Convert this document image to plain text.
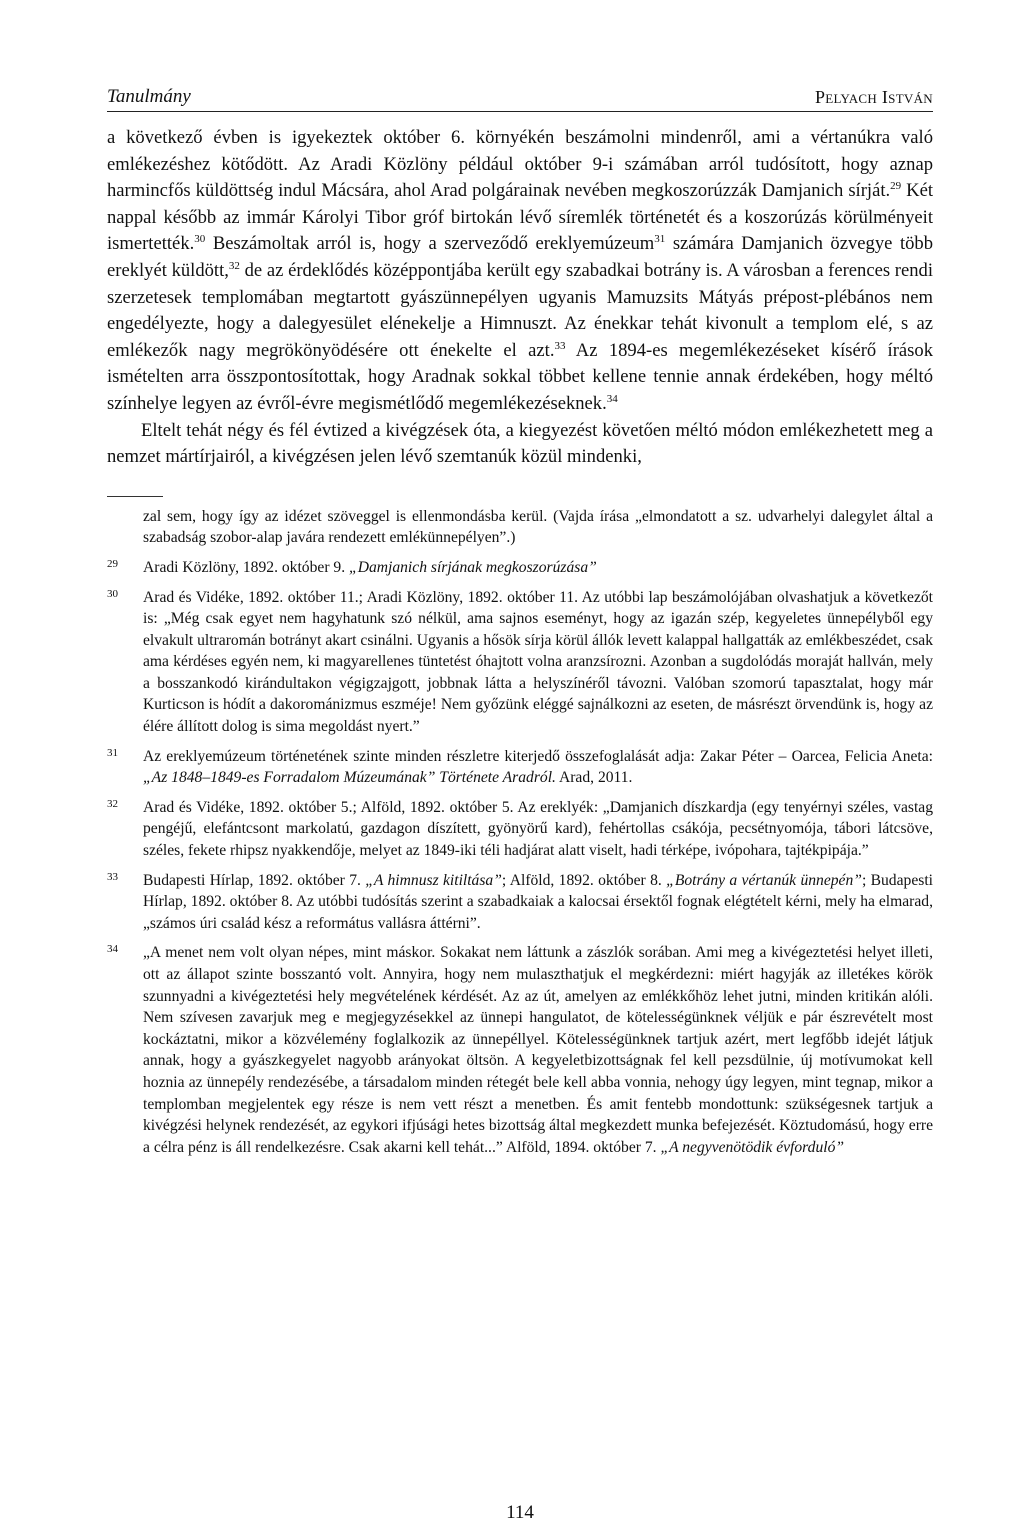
Tanulmány	Pelyach István

a következő évben is igyekeztek október 6. környékén beszámolni mindenről, ami a vértanúkra való emlékezéshez kötődött. Az Aradi Közlöny például október 9-i számában arról tudósított, hogy aznap harmincfős küldöttség indul Mácsára, ahol Arad polgárainak nevében megkoszorúzzák Damjanich sírját.$^{29}$ Két nappal később az immár Károlyi Tibor gróf birtokán lévő síremlék történetét és a koszorúzás körülményeit ismertették.$^{30}$ Beszámoltak arról is, hogy a szerveződő ereklyemúzeum$^{31}$ számára Damjanich özvegye több ereklyét küldött,$^{32}$ de az érdeklődés középpontjába került egy szabadkai botrány is. A városban a ferences rendi szerzetesek templomában megtartott gyászünnepélyen ugyanis Mamuzsits Mátyás prépost-plébános nem engedélyezte, hogy a dalegyesület elénekelje a Himnuszt. Az énekkar tehát kivonult a templom elé, s az emlékezők nagy megrökönyödésére ott énekelte el azt.$^{33}$ Az 1894-es megemlékezéseket kísérő írások ismételten arra összpontosítottak, hogy Aradnak sokkal többet kellene tennie annak érdekében, hogy méltó színhelye legyen az évről-évre megismétlődő megemlékezéseknek.$^{34}$

Eltelt tehát négy és fél évtized a kivégzések óta, a kiegyezést követően méltó módon emlékezhetett meg a nemzet mártírjairól, a kivégzésen jelen lévő szemtanúk közül mindenki,

zal sem, hogy így az idézet szöveggel is ellenmondásba kerül. (Vajda írása „elmondatott a sz. udvarhelyi dalegylet által a szabadság szobor-alap javára rendezett emlékünnepélyen”.)
29 Aradi Közlöny, 1892. október 9. „Damjanich sírjának megkoszorúzása”
30 Arad és Vidéke, 1892. október 11.; Aradi Közlöny, 1892. október 11. Az utóbbi lap beszámolójában olvashatjuk a következőt is: „Még csak egyet nem hagyhatunk szó nélkül, ama sajnos eseményt, hogy az igazán szép, kegyeletes ünnepélyből egy elvakult ultraromán botrányt akart csinálni. Ugyanis a hősök sírja körül állók levett kalappal hallgatták az emlékbeszédet, csak ama kérdéses egyén nem, ki magyarellenes tüntetést óhajtott volna aranzsírozni. Azonban a sugdolódás moraját hallván, mely a bosszankodó kirándultakon végigzajgott, jobbnak látta a helyszínéről távozni. Valóban szomorú tapasztalat, hogy már Kurticson is hódít a dakorománizmus eszméje! Nem győzünk eléggé sajnálkozni az eseten, de másrészt örvendünk is, hogy az élére állított dolog is sima megoldást nyert.”
31 Az ereklyemúzeum történetének szinte minden részletre kiterjedő összefoglalását adja: Zakar Péter – Oarcea, Felicia Aneta: „Az 1848–1849-es Forradalom Múzeumának” Története Aradról. Arad, 2011.
32 Arad és Vidéke, 1892. október 5.; Alföld, 1892. október 5. Az ereklyék: „Damjanich díszkardja (egy tenyérnyi széles, vastag pengéjű, elefántcsont markolatú, gazdagon díszített, gyönyörű kard), fehértollas csákója, pecsétnyomója, tábori látcsöve, széles, fekete rhipsz nyakkendője, melyet az 1849-iki téli hadjárat alatt viselt, hadi térképe, ivópohara, tajtékpipája.”
33 Budapesti Hírlap, 1892. október 7. „A himnusz kitiltása”; Alföld, 1892. október 8. „Botrány a vértanúk ünnepén”; Budapesti Hírlap, 1892. október 8. Az utóbbi tudósítás szerint a szabadkaiak a kalocsai érsektől fognak elégtételt kérni, mely ha elmarad, „számos úri család kész a református vallásra áttérni”.
34 „A menet nem volt olyan népes, mint máskor. Sokakat nem láttunk a zászlók sorában. Ami meg a kivégeztetési helyet illeti, ott az állapot szinte bosszantó volt. Annyira, hogy nem mulaszthatjuk el megkérdezni: miért hagyják az illetékes körök szunnyadni a kivégeztetési hely megvételének kérdését. Az az út, amelyen az emlékkőhöz lehet jutni, minden kritikán alóli. Nem szívesen zavarjuk meg e megjegyzésekkel az ünnepi hangulatot, de kötelességünknek véljük e pár észrevételt most kockáztatni, mikor a közvélemény foglalkozik az ünnepéllyel. Kötelességünknek tartjuk azért, mert legfőbb idejét látjuk annak, hogy a gyászkegyelet nagyobb arányokat öltsön. A kegyeletbizottságnak fel kell pezsdülnie, új motívumokat kell hoznia az ünnepély rendezésébe, a társadalom minden rétegét bele kell abba vonnia, nehogy úgy legyen, mint tegnap, mikor a templomban megjelentek egy része is nem vett részt a menetben. És amit fentebb mondottunk: szükségesnek tartjuk a kivégzési helynek rendezését, az egykori ifjúsági hetes bizottság által megkezdett munka befejezését. Köztudomású, hogy erre a célra pénz is áll rendelkezésre. Csak akarni kell tehát...” Alföld, 1894. október 7. „A negyvenötödik évforduló”
114
